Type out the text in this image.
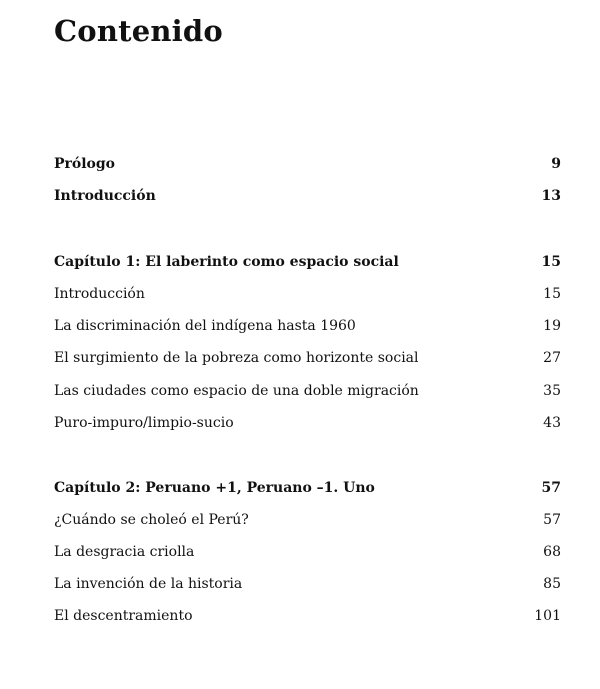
Contenido
Prólogo	9
Introducción	13
Capítulo 1: El laberinto como espacio social	15
Introducción	15
La discriminación del indígena hasta 1960	19
El surgimiento de la pobreza como horizonte social	27
Las ciudades como espacio de una doble migración	35
Puro-impuro/limpio-sucio	43
Capítulo 2: Peruano +1, Peruano –1. Uno	57
¿Cuándo se choleó el Perú?	57
La desgracia criolla	68
La invención de la historia	85
El descentramiento	101
